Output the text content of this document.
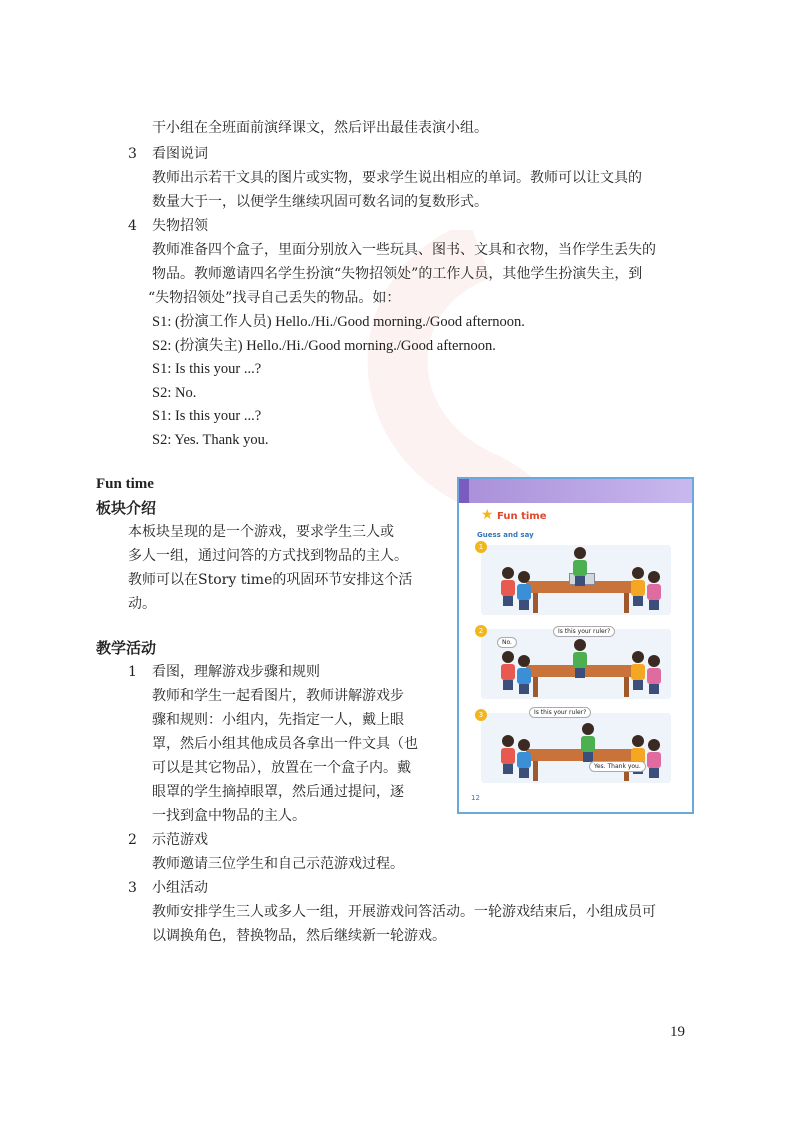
干小组在全班面前演绎课文，然后评出最佳表演小组。
3 看图说词
教师出示若干文具的图片或实物，要求学生说出相应的单词。教师可以让文具的
数量大于一，以便学生继续巩固可数名词的复数形式。
4 失物招领
教师准备四个盒子，里面分别放入一些玩具、图书、文具和衣物，当作学生丢失的
物品。教师邀请四名学生扮演“失物招领处”的工作人员，其他学生扮演失主，到
“失物招领处”找寻自己丢失的物品。如：
S1: (扮演工作人员) Hello./Hi./Good morning./Good afternoon.
S2: (扮演失主) Hello./Hi./Good morning./Good afternoon.
S1: Is this your ...?
S2: No.
S1: Is this your ...?
S2: Yes. Thank you.
Fun time
板块介绍
本板块呈现的是一个游戏，要求学生三人或
多人一组，通过问答的方式找到物品的主人。
教师可以在Story time的巩固环节安排这个活
动。
教学活动
1 看图，理解游戏步骤和规则
教师和学生一起看图片，教师讲解游戏步
骤和规则：小组内，先指定一人，戴上眼
罩，然后小组其他成员各拿出一件文具（也
可以是其它物品），放置在一个盒子内。戴
眼罩的学生摘掉眼罩，然后通过提问，逐
一找到盒中物品的主人。
2 示范游戏
教师邀请三位学生和自己示范游戏过程。
3 小组活动
教师安排学生三人或多人一组，开展游戏问答活动。一轮游戏结束后，小组成员可
以调换角色，替换物品，然后继续新一轮游戏。
★ Fun time
Guess and say
1
2	Is this your ruler?
No.
3	Is this your ruler?
Yes. Thank you.
12
19
